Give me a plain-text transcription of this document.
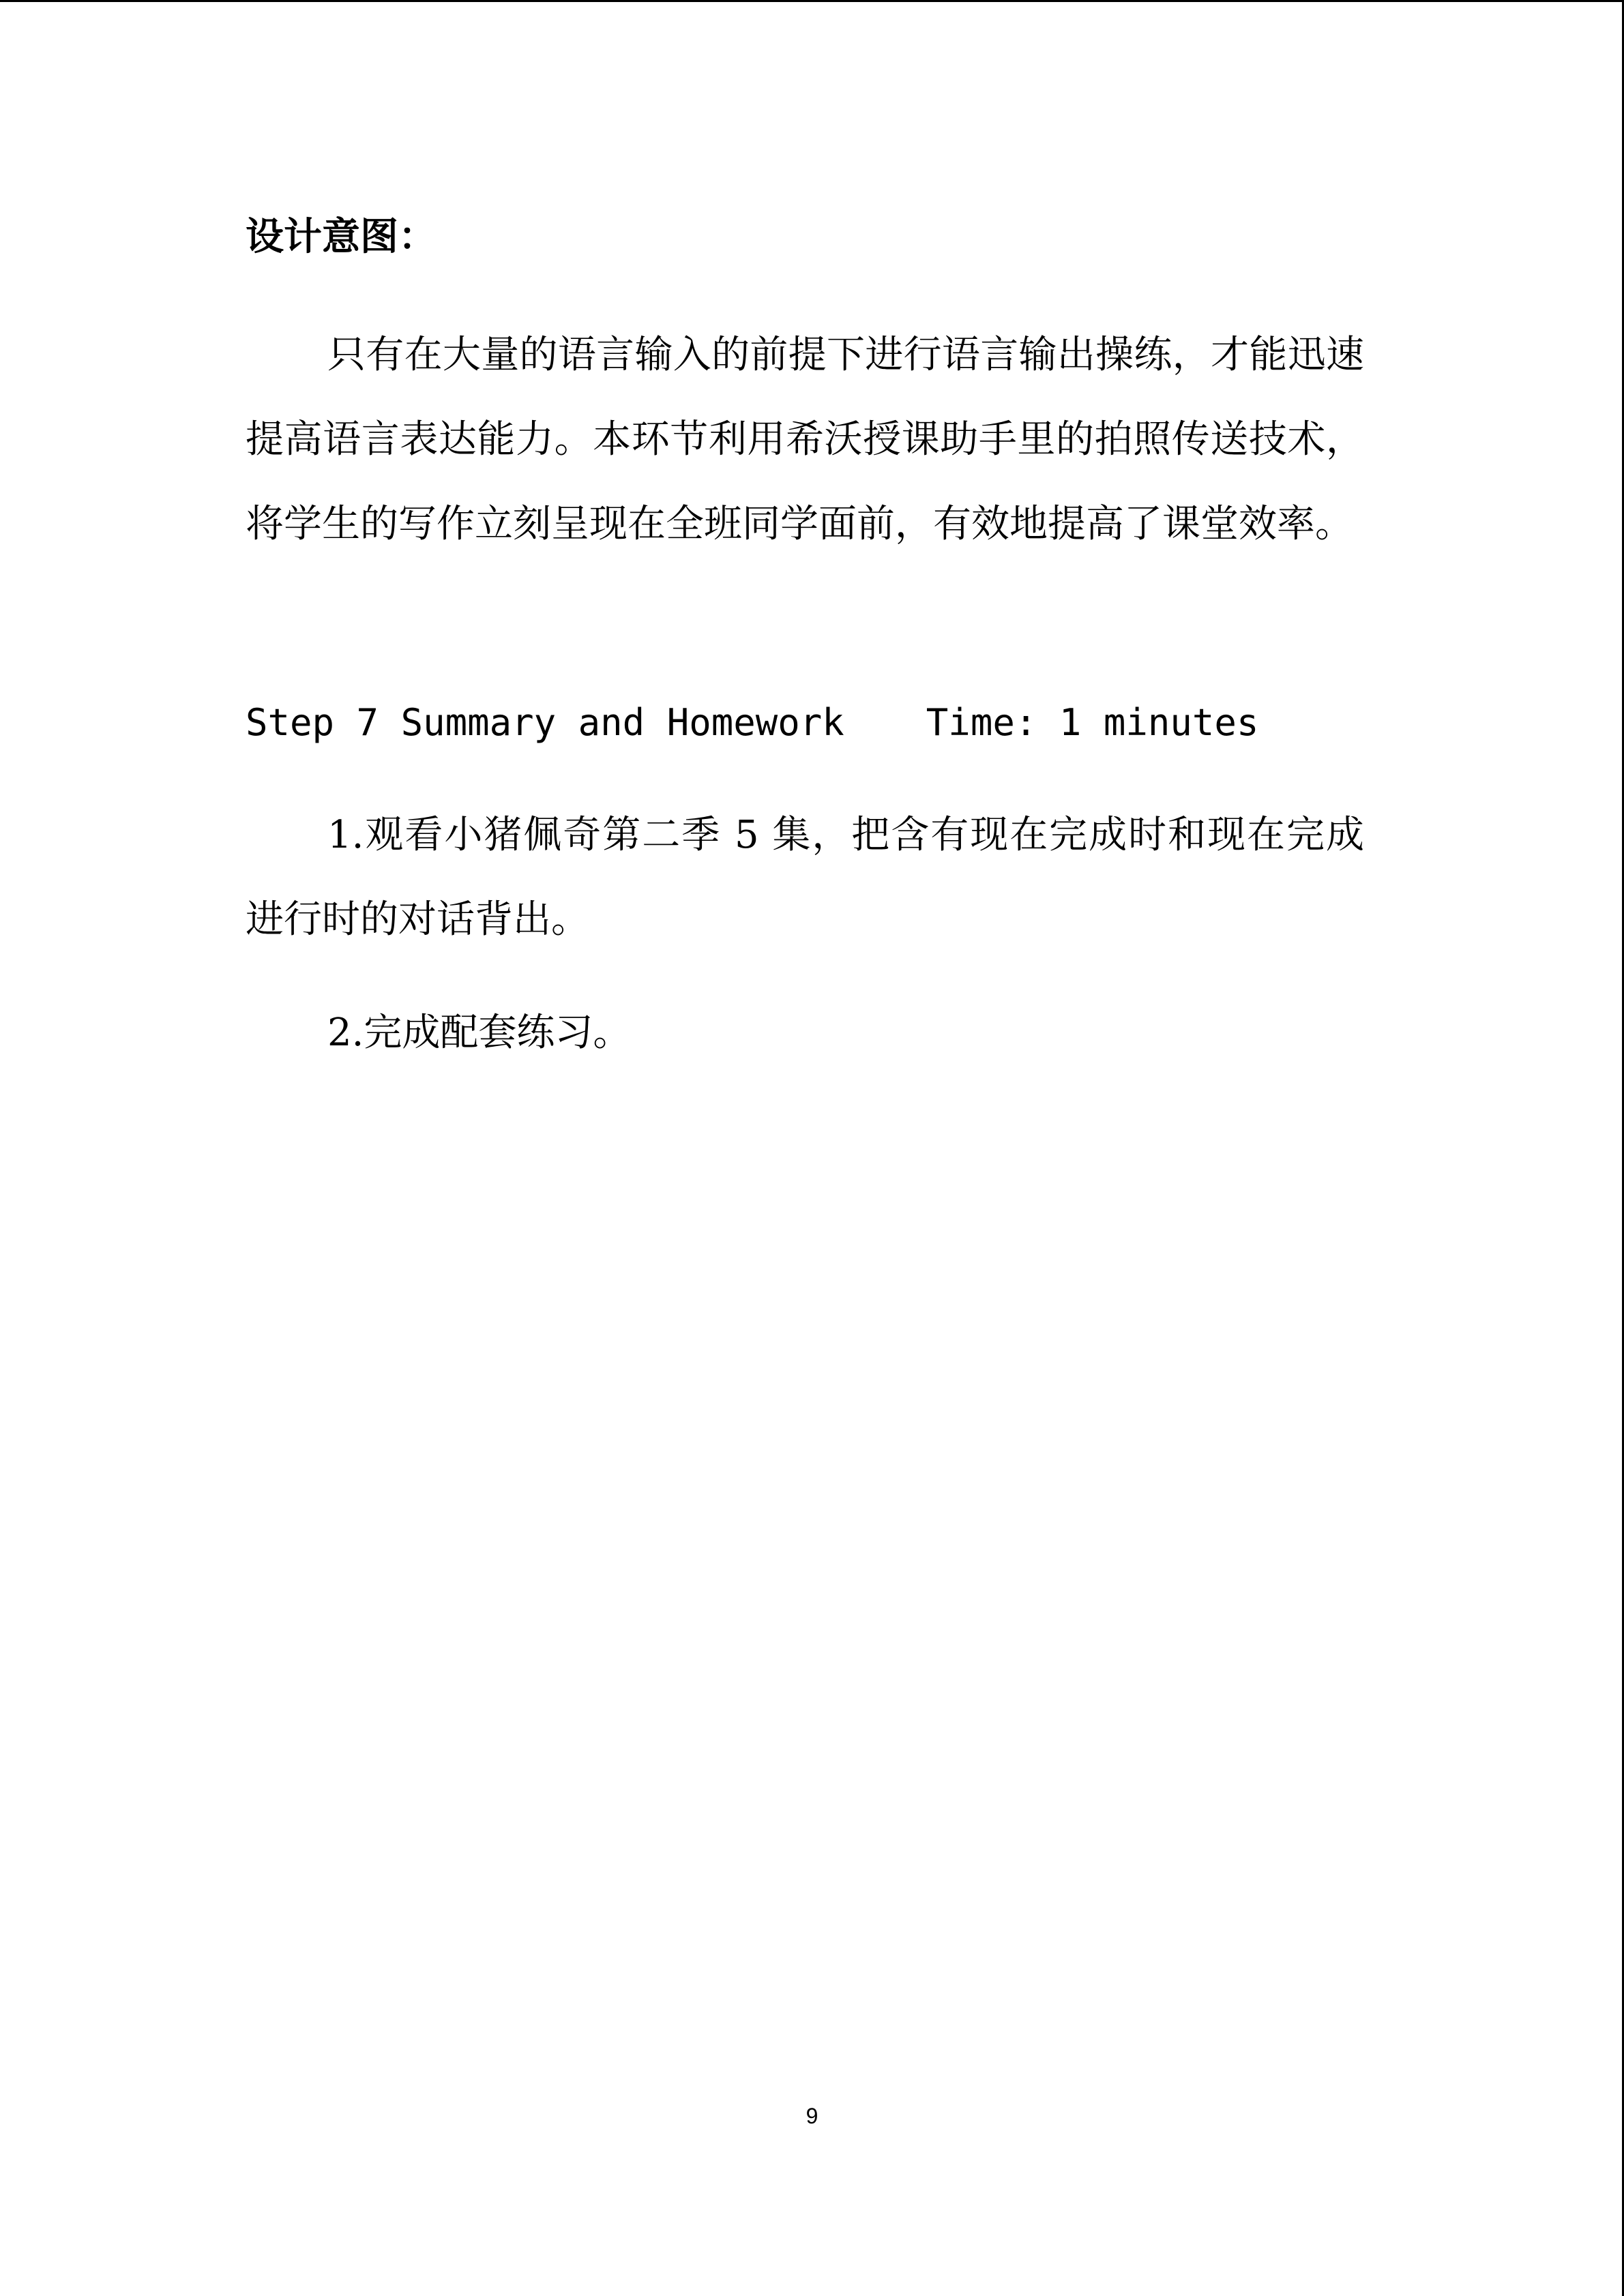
设计意图：

只有在大量的语言输入的前提下进行语言输出操练，才能迅速提高语言表达能力。本环节利用希沃授课助手里的拍照传送技术，将学生的写作立刻呈现在全班同学面前，有效地提高了课堂效率。

Step 7 Summary and Homework Time: 1 minutes

1.观看小猪佩奇第二季 5 集，把含有现在完成时和现在完成进行时的对话背出。

2.完成配套练习。

9
